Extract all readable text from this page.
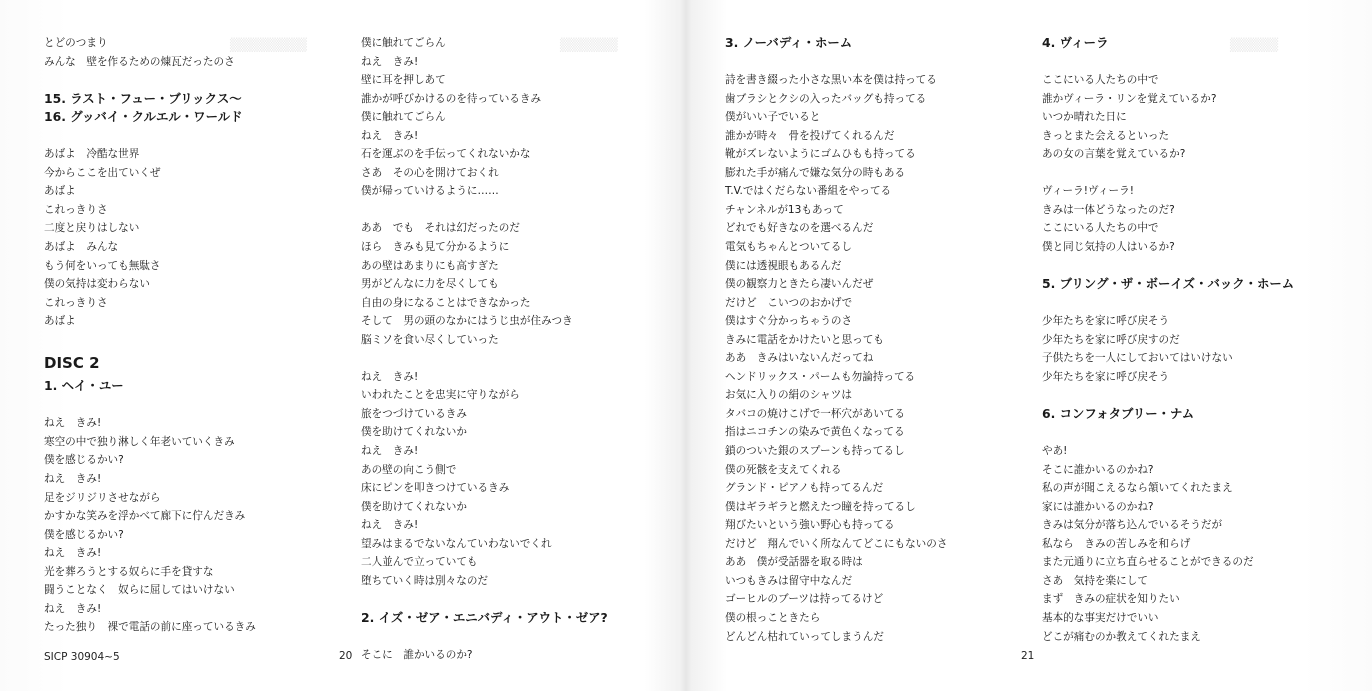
▒▒▒▒▒▒▒▒	▒▒▒▒▒▒	▒▒▒▒▒
とどのつまり
みんな　壁を作るための煉瓦だったのさ
15. ラスト・フュー・ブリックス～
16. グッバイ・クルエル・ワールド
あばよ　冷酷な世界
今からここを出ていくぜ
あばよ
これっきりさ
二度と戻りはしない
あばよ　みんな
もう何をいっても無駄さ
僕の気持は変わらない
これっきりさ
あばよ
DISC 2
1. ヘイ・ユー
ねえ　きみ!
寒空の中で独り淋しく年老いていくきみ
僕を感じるかい?
ねえ　きみ!
足をジリジリさせながら
かすかな笑みを浮かべて廊下に佇んだきみ
僕を感じるかい?
ねえ　きみ!
光を葬ろうとする奴らに手を貸すな
闘うことなく　奴らに屈してはいけない
ねえ　きみ!
たった独り　裸で電話の前に座っているきみ
僕に触れてごらん
ねえ　きみ!
壁に耳を押しあて
誰かが呼びかけるのを待っているきみ
僕に触れてごらん
ねえ　きみ!
石を運ぶのを手伝ってくれないかな
さあ　その心を開けておくれ
僕が帰っていけるように……
ああ　でも　それは幻だったのだ
ほら　きみも見て分かるように
あの壁はあまりにも高すぎた
男がどんなに力を尽くしても
自由の身になることはできなかった
そして　男の頭のなかにはうじ虫が住みつき
脳ミソを食い尽くしていった
ねえ　きみ!
いわれたことを忠実に守りながら
旅をつづけているきみ
僕を助けてくれないか
ねえ　きみ!
あの壁の向こう側で
床にピンを叩きつけているきみ
僕を助けてくれないか
ねえ　きみ!
望みはまるでないなんていわないでくれ
二人並んで立っていても
堕ちていく時は別々なのだ
2. イズ・ゼア・エニバディ・アウト・ゼア?
そこに　誰かいるのか?
3. ノーバディ・ホーム
詩を書き綴った小さな黒い本を僕は持ってる
歯ブラシとクシの入ったバッグも持ってる
僕がいい子でいると
誰かが時々　骨を投げてくれるんだ
靴がズレないようにゴムひもも持ってる
膨れた手が痛んで嫌な気分の時もある
T.V.ではくだらない番組をやってる
チャンネルが13もあって
どれでも好きなのを選べるんだ
電気もちゃんとついてるし
僕には透視眼もあるんだ
僕の観察力ときたら凄いんだぜ
だけど　こいつのおかげで
僕はすぐ分かっちゃうのさ
きみに電話をかけたいと思っても
ああ　きみはいないんだってね
ヘンドリックス・パームも勿論持ってる
お気に入りの絹のシャツは
タバコの焼けこげで一杯穴があいてる
指はニコチンの染みで黄色くなってる
鎖のついた銀のスプーンも持ってるし
僕の死骸を支えてくれる
グランド・ピアノも持ってるんだ
僕はギラギラと燃えたつ瞳を持ってるし
翔びたいという強い野心も持ってる
だけど　翔んでいく所なんてどこにもないのさ
ああ　僕が受話器を取る時は
いつもきみは留守中なんだ
ゴーヒルのブーツは持ってるけど
僕の根っこときたら
どんどん枯れていってしまうんだ
4. ヴィーラ
ここにいる人たちの中で
誰かヴィーラ・リンを覚えているか?
いつか晴れた日に
きっとまた会えるといった
あの女の言葉を覚えているか?
ヴィーラ!ヴィーラ!
きみは一体どうなったのだ?
ここにいる人たちの中で
僕と同じ気持の人はいるか?
5. ブリング・ザ・ボーイズ・バック・ホーム
少年たちを家に呼び戻そう
少年たちを家に呼び戻すのだ
子供たちを一人にしておいてはいけない
少年たちを家に呼び戻そう
6. コンフォタブリー・ナム
やあ!
そこに誰かいるのかね?
私の声が聞こえるなら頷いてくれたまえ
家には誰かいるのかね?
きみは気分が落ち込んでいるそうだが
私なら　きみの苦しみを和らげ
また元通りに立ち直らせることができるのだ
さあ　気持を楽にして
まず　きみの症状を知りたい
基本的な事実だけでいい
どこが痛むのか教えてくれたまえ
SICP 30904~5	20	21
